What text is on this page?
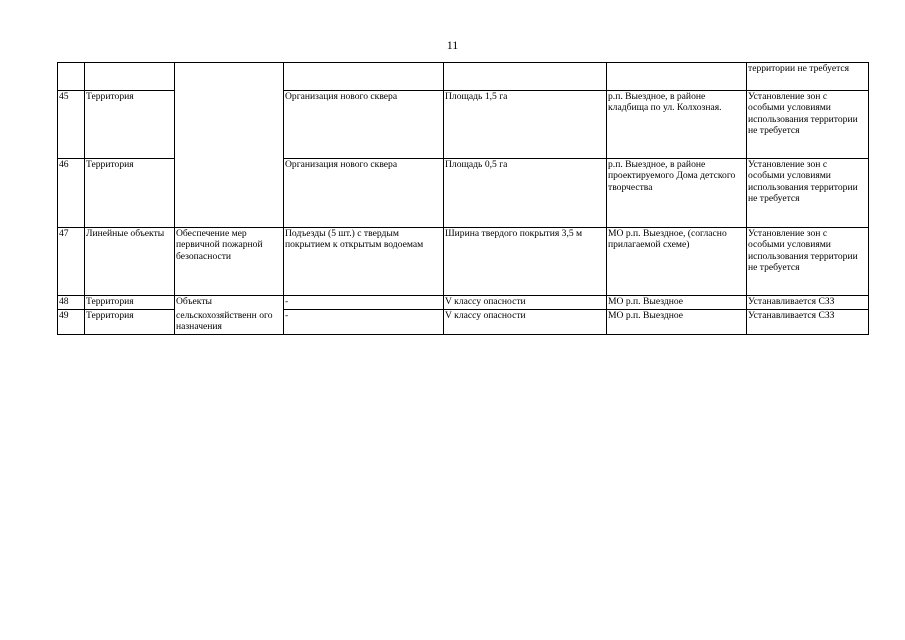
11

						территории не требуется

45	Территория		Организация нового сквера	Площадь 1,5 га	р.п. Выездное, в районе кладбища по ул. Колхозная.	Установление зон с особыми условиями использования территории не требуется

46	Территория		Организация нового сквера	Площадь 0,5 га	р.п. Выездное, в районе проектируемого Дома детского творчества	Установление зон с особыми условиями использования территории не требуется

47	Линейные объекты	Обеспечение мер первичной пожарной безопасности	Подъезды (5 шт.) с твердым покрытием к открытым водоемам	Ширина твердого покрытия 3,5 м	МО р.п. Выездное, (согласно прилагаемой схеме)	Установление зон с особыми условиями использования территории не требуется

48	Территория	Объекты	-	V классу опасности	МО р.п. Выездное	Устанавливается СЗЗ

49	Территория	сельскохозяйственн ого назначения	-	V классу опасности	МО р.п. Выездное	Устанавливается СЗЗ
